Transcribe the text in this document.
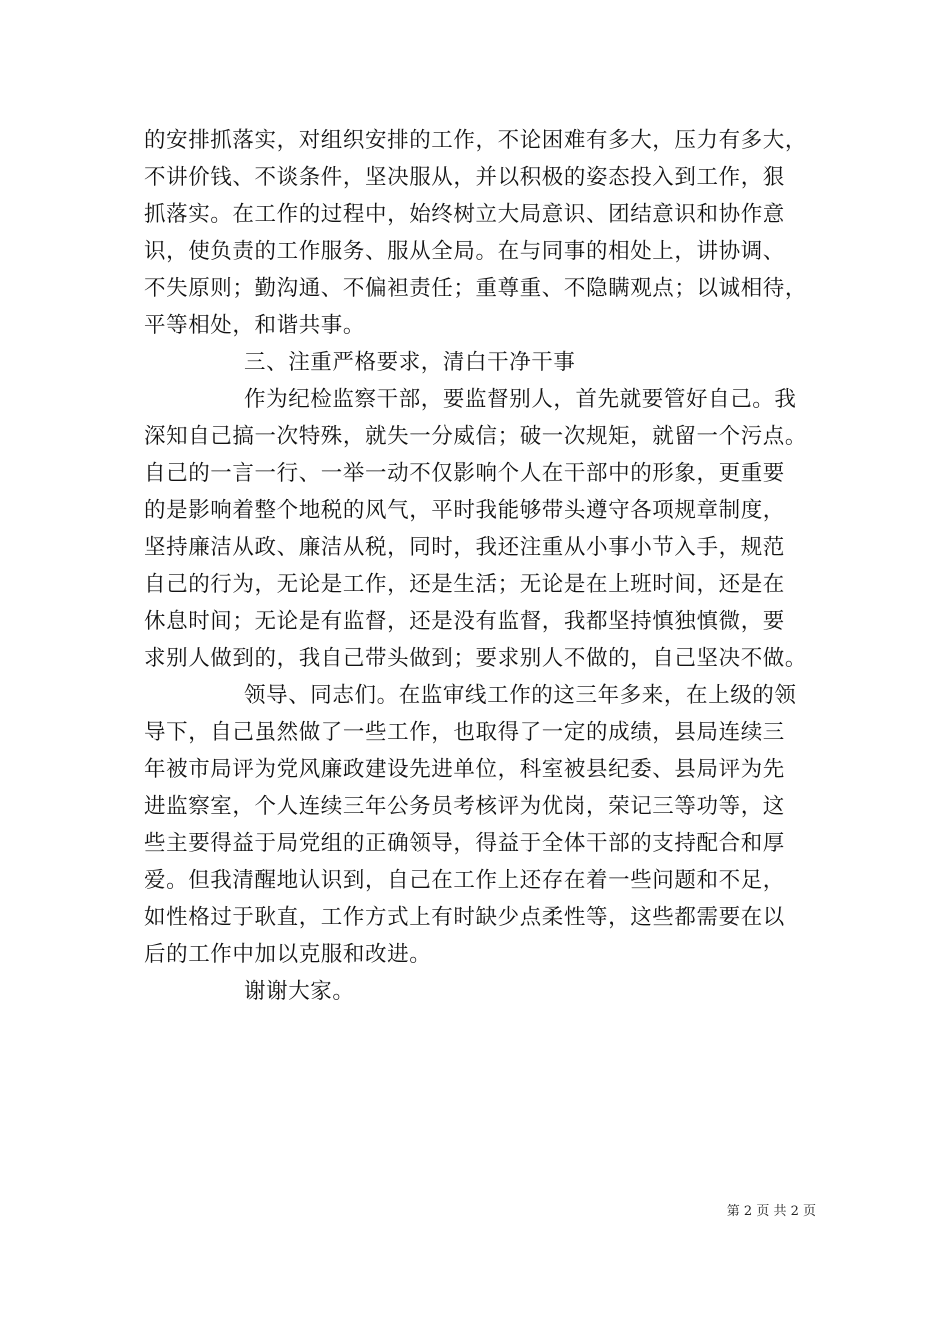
的安排抓落实，对组织安排的工作，不论困难有多大，压力有多大，
不讲价钱、不谈条件，坚决服从，并以积极的姿态投入到工作，狠
抓落实。在工作的过程中，始终树立大局意识、团结意识和协作意
识，使负责的工作服务、服从全局。在与同事的相处上，讲协调、
不失原则；勤沟通、不偏袒责任；重尊重、不隐瞒观点；以诚相待，
平等相处，和谐共事。
三、注重严格要求，清白干净干事
作为纪检监察干部，要监督别人，首先就要管好自己。我
深知自己搞一次特殊，就失一分威信；破一次规矩，就留一个污点。
自己的一言一行、一举一动不仅影响个人在干部中的形象，更重要
的是影响着整个地税的风气，平时我能够带头遵守各项规章制度，
坚持廉洁从政、廉洁从税，同时，我还注重从小事小节入手，规范
自己的行为，无论是工作，还是生活；无论是在上班时间，还是在
休息时间；无论是有监督，还是没有监督，我都坚持慎独慎微，要
求别人做到的，我自己带头做到；要求别人不做的，自己坚决不做。
领导、同志们。在监审线工作的这三年多来，在上级的领
导下，自己虽然做了一些工作，也取得了一定的成绩，县局连续三
年被市局评为党风廉政建设先进单位，科室被县纪委、县局评为先
进监察室，个人连续三年公务员考核评为优岗，荣记三等功等，这
些主要得益于局党组的正确领导，得益于全体干部的支持配合和厚
爱。但我清醒地认识到，自己在工作上还存在着一些问题和不足，
如性格过于耿直，工作方式上有时缺少点柔性等，这些都需要在以
后的工作中加以克服和改进。
谢谢大家。
第 2 页 共 2 页
